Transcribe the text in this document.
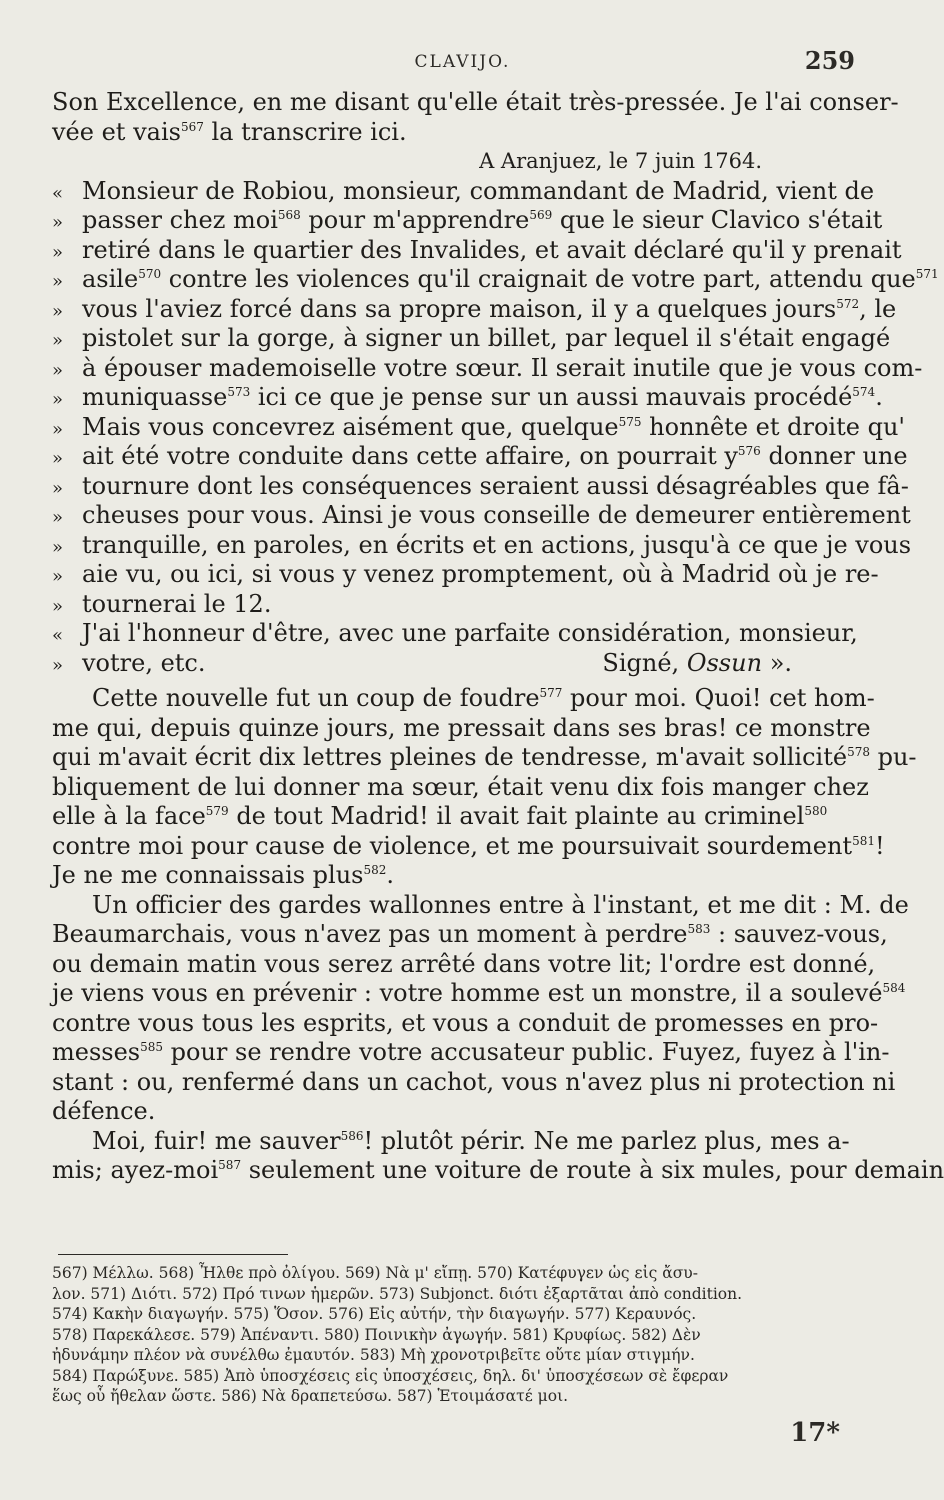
CLAVIJO.	259
Son Excellence, en me disant qu'elle était très-pressée. Je l'ai conser-
vée et vais$^{567}$ la transcrire ici.
A Aranjuez, le 7 juin 1764.
« Monsieur de Robiou, monsieur, commandant de Madrid, vient de
» passer chez moi$^{568}$ pour m'apprendre$^{569}$ que le sieur Clavico s'était
» retiré dans le quartier des Invalides, et avait déclaré qu'il y prenait
» asile$^{570}$ contre les violences qu'il craignait de votre part, attendu que$^{571}$
» vous l'aviez forcé dans sa propre maison, il y a quelques jours$^{572}$, le
» pistolet sur la gorge, à signer un billet, par lequel il s'était engagé
» à épouser mademoiselle votre sœur. Il serait inutile que je vous com-
» muniquasse$^{573}$ ici ce que je pense sur un aussi mauvais procédé$^{574}$.
» Mais vous concevrez aisément que, quelque$^{575}$ honnête et droite qu'
» ait été votre conduite dans cette affaire, on pourrait $y^{576}$ donner une
» tournure dont les conséquences seraient aussi désagréables que fâ-
» cheuses pour vous. Ainsi je vous conseille de demeurer entièrement
» tranquille, en paroles, en écrits et en actions, jusqu'à ce que je vous
» aie vu, ou ici, si vous y venez promptement, où à Madrid où je re-
» tournerai le 12.
« J'ai l'honneur d'être, avec une parfaite considération, monsieur,
» votre, etc.	Signé, Ossun ».
Cette nouvelle fut un coup de foudre$^{577}$ pour moi. Quoi! cet hom-
me qui, depuis quinze jours, me pressait dans ses bras! ce monstre
qui m'avait écrit dix lettres pleines de tendresse, m'avait sollicité$^{578}$ pu-
bliquement de lui donner ma sœur, était venu dix fois manger chez
elle à la face$^{579}$ de tout Madrid! il avait fait plainte au criminel$^{580}$
contre moi pour cause de violence, et me poursuivait sourdement$^{581}$!
Je ne me connaissais plus$^{582}$.
Un officier des gardes wallonnes entre à l'instant, et me dit : M. de
Beaumarchais, vous n'avez pas un moment à perdre$^{583}$ : sauvez-vous,
ou demain matin vous serez arrêté dans votre lit; l'ordre est donné,
je viens vous en prévenir : votre homme est un monstre, il a soulevé$^{584}$
contre vous tous les esprits, et vous a conduit de promesses en pro-
messes$^{585}$ pour se rendre votre accusateur public. Fuyez, fuyez à l'in-
stant : ou, renfermé dans un cachot, vous n'avez plus ni protection ni
défence.
Moi, fuir! me sauver$^{586}$! plutôt périr. Ne me parlez plus, mes a-
mis; ayez-moi$^{587}$ seulement une voiture de route à six mules, pour demain
567) Μέλλω. 568) Ἦλθε πρὸ ὀλίγου. 569) Νὰ μ' εἴπῃ. 570) Κατέφυγεν ὡς εἰς ἄσυ-
λον. 571) Διότι. 572) Πρό τινων ἡμερῶν. 573) Subjonct. διότι ἐξαρτᾶται ἀπὸ condition.
574) Κακὴν διαγωγήν. 575) Ὅσον. 576) Εἰς αὐτήν, τὴν διαγωγήν. 577) Κεραυνός.
578) Παρεκάλεσε. 579) Ἀπέναντι. 580) Ποινικὴν ἀγωγήν. 581) Κρυφίως. 582) Δὲν
ἠδυνάμην πλέον νὰ συνέλθω ἐμαυτόν. 583) Μὴ χρονοτριβεῖτε οὔτε μίαν στιγμήν.
584) Παρώξυνε. 585) Ἀπὸ ὑποσχέσεις εἰς ὑποσχέσεις, δηλ. δι' ὑποσχέσεων σὲ ἔφεραν
ἕως οὗ ἤθελαν ὥστε. 586) Νὰ δραπετεύσω. 587) Ἑτοιμάσατέ μοι.
17*
